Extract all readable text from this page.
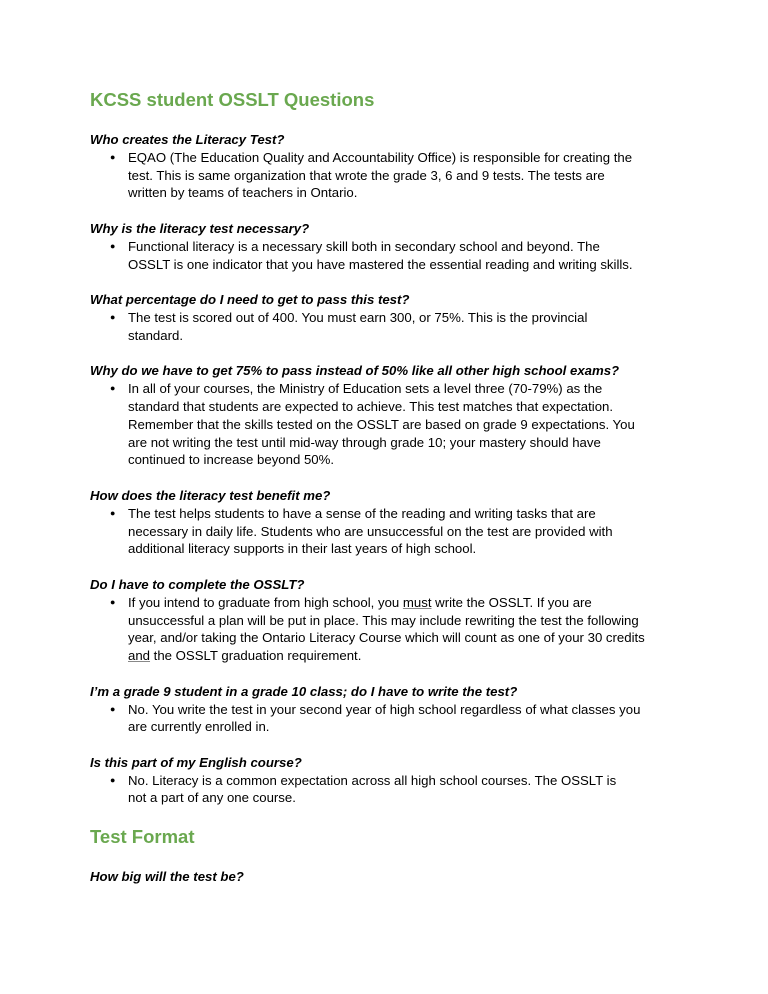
KCSS student OSSLT Questions
Who creates the Literacy Test?
● EQAO (The Education Quality and Accountability Office) is responsible for creating the
test. This is same organization that wrote the grade 3, 6 and 9 tests. The tests are
written by teams of teachers in Ontario.
Why is the literacy test necessary?
● Functional literacy is a necessary skill both in secondary school and beyond. The
OSSLT is one indicator that you have mastered the essential reading and writing skills.
What percentage do I need to get to pass this test?
● The test is scored out of 400. You must earn 300, or 75%. This is the provincial
standard.
Why do we have to get 75% to pass instead of 50% like all other high school exams?
● In all of your courses, the Ministry of Education sets a level three (70-79%) as the
standard that students are expected to achieve. This test matches that expectation.
Remember that the skills tested on the OSSLT are based on grade 9 expectations. You
are not writing the test until mid-way through grade 10; your mastery should have
continued to increase beyond 50%.
How does the literacy test benefit me?
● The test helps students to have a sense of the reading and writing tasks that are
necessary in daily life. Students who are unsuccessful on the test are provided with
additional literacy supports in their last years of high school.
Do I have to complete the OSSLT?
● If you intend to graduate from high school, you must write the OSSLT. If you are
unsuccessful a plan will be put in place. This may include rewriting the test the following
year, and/or taking the Ontario Literacy Course which will count as one of your 30 credits
and the OSSLT graduation requirement.
I’m a grade 9 student in a grade 10 class; do I have to write the test?
● No. You write the test in your second year of high school regardless of what classes you
are currently enrolled in.
Is this part of my English course?
● No. Literacy is a common expectation across all high school courses. The OSSLT is
not a part of any one course.
Test Format
How big will the test be?
